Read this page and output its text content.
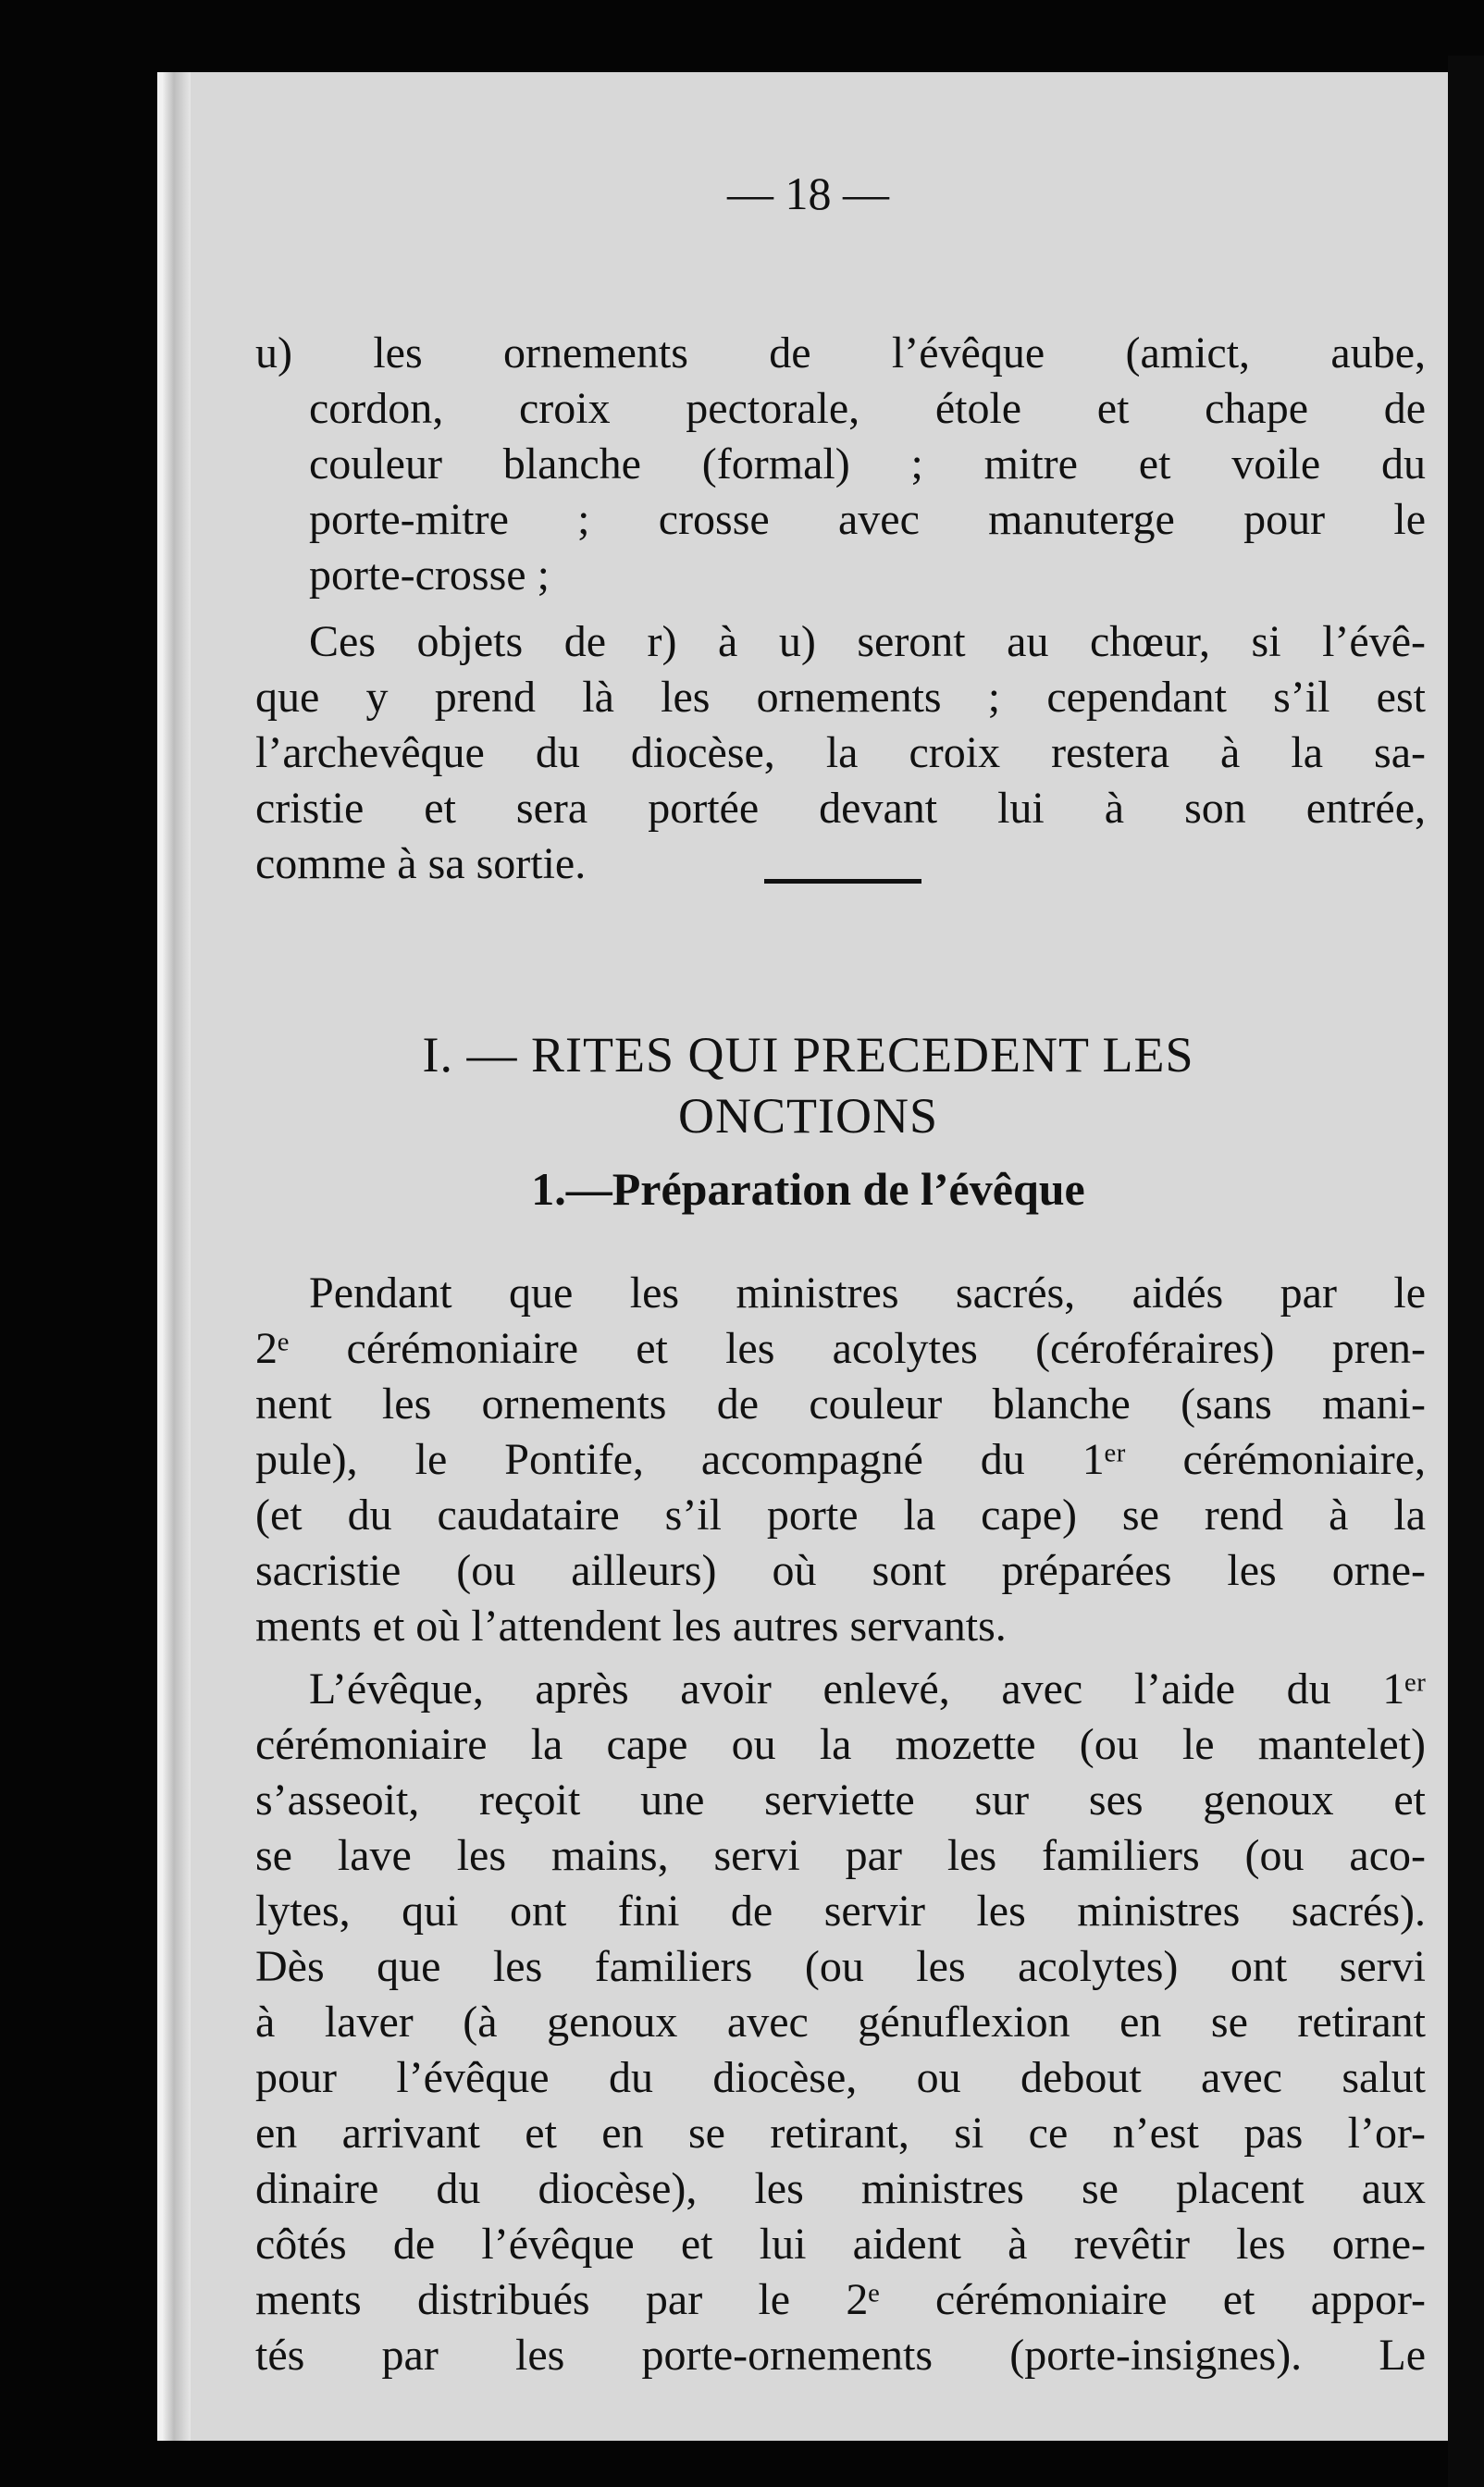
— 18 —
u) les ornements de l’évêque (amict, aube,
cordon, croix pectorale, étole et chape de
couleur blanche (formal) ; mitre et voile du
porte-mitre ; crosse avec manuterge pour le
porte-crosse ;
Ces objets de r) à u) seront au chœur, si l’évê-
que y prend là les ornements ; cependant s’il est
l’archevêque du diocèse, la croix restera à la sa-
cristie et sera portée devant lui à son entrée,
comme à sa sortie.
I. — RITES QUI PRECEDENT LES
ONCTIONS
1.—Préparation de l’évêque
Pendant que les ministres sacrés, aidés par le
2ᵉ cérémoniaire et les acolytes (céroféraires) pren-
nent les ornements de couleur blanche (sans mani-
pule), le Pontife, accompagné du 1ᵉʳ cérémoniaire,
(et du caudataire s’il porte la cape) se rend à la
sacristie (ou ailleurs) où sont préparées les orne-
ments et où l’attendent les autres servants.
L’évêque, après avoir enlevé, avec l’aide du 1ᵉʳ
cérémoniaire la cape ou la mozette (ou le mantelet)
s’asseoit, reçoit une serviette sur ses genoux et
se lave les mains, servi par les familiers (ou aco-
lytes, qui ont fini de servir les ministres sacrés).
Dès que les familiers (ou les acolytes) ont servi
à laver (à genoux avec génuflexion en se retirant
pour l’évêque du diocèse, ou debout avec salut
en arrivant et en se retirant, si ce n’est pas l’or-
dinaire du diocèse), les ministres se placent aux
côtés de l’évêque et lui aident à revêtir les orne-
ments distribués par le 2ᵉ cérémoniaire et appor-
tés par les porte-ornements (porte-insignes). Le
